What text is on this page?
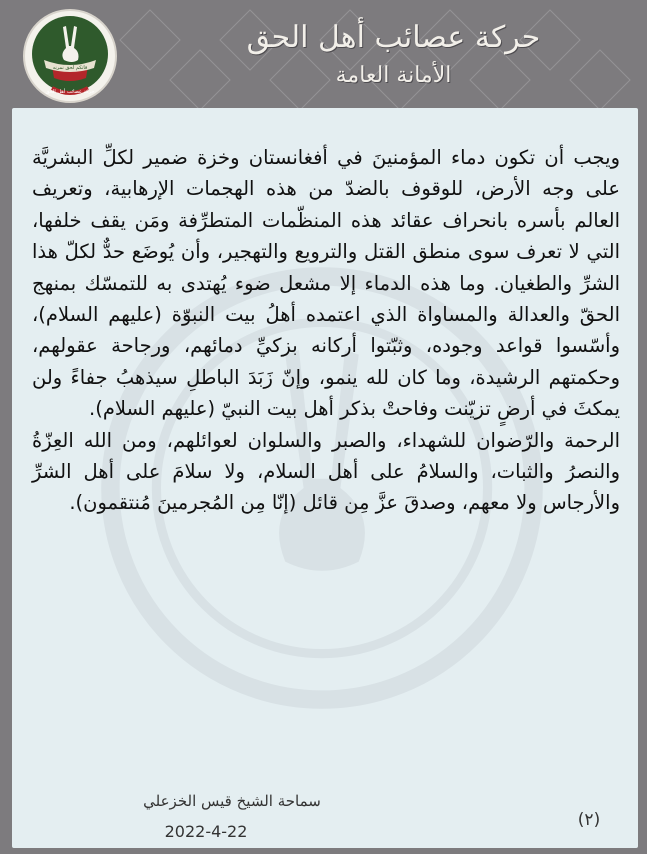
فاتكم لحق نمرنه
حركة عصائب أهل الحق
حركة عصائب أهل الحق
الأمانة العامة

ويجب أن تكون دماء المؤمنينَ في أفغانستان وخزة ضمير لكلِّ البشريَّة على وجه الأرض، للوقوف بالضدّ من هذه الهجمات الإرهابية، وتعريف العالم بأسره بانحراف عقائد هذه المنظّمات المتطرِّفة ومَن يقف خلفها، التي لا تعرف سوى منطق القتل والترويع والتهجير، وأن يُوضَع حدٌّ لكلّ هذا الشرِّ والطغيان. وما هذه الدماء إلا مشعل ضوء يُهتدى به للتمسّك بمنهج الحقّ والعدالة والمساواة الذي اعتمده أهلُ بيت النبوّة (عليهم السلام)، وأسّسوا قواعد وجوده، وثبّتوا أركانه بزكيِّ دمائهم، ورجاحة عقولهم، وحكمتهم الرشيدة، وما كان لله ينمو، وإنّ زَبَدَ الباطلِ سيذهبُ جفاءً ولن يمكثَ في أرضٍ تزيّنت وفاحتْ بذكر أهل بيت النبيّ (عليهم السلام).

الرحمة والرّضوان للشهداء، والصبر والسلوان لعوائلهم، ومن الله العِزّةُ والنصرُ والثبات، والسلامُ على أهل السلام، ولا سلامَ على أهل الشرِّ والأرجاس ولا معهم، وصدقَ عزَّ مِن قائل (إنّا مِن المُجرمينَ مُنتقمون).

سماحة الشيخ قيس الخزعلي
2022-4-22
(٢)
